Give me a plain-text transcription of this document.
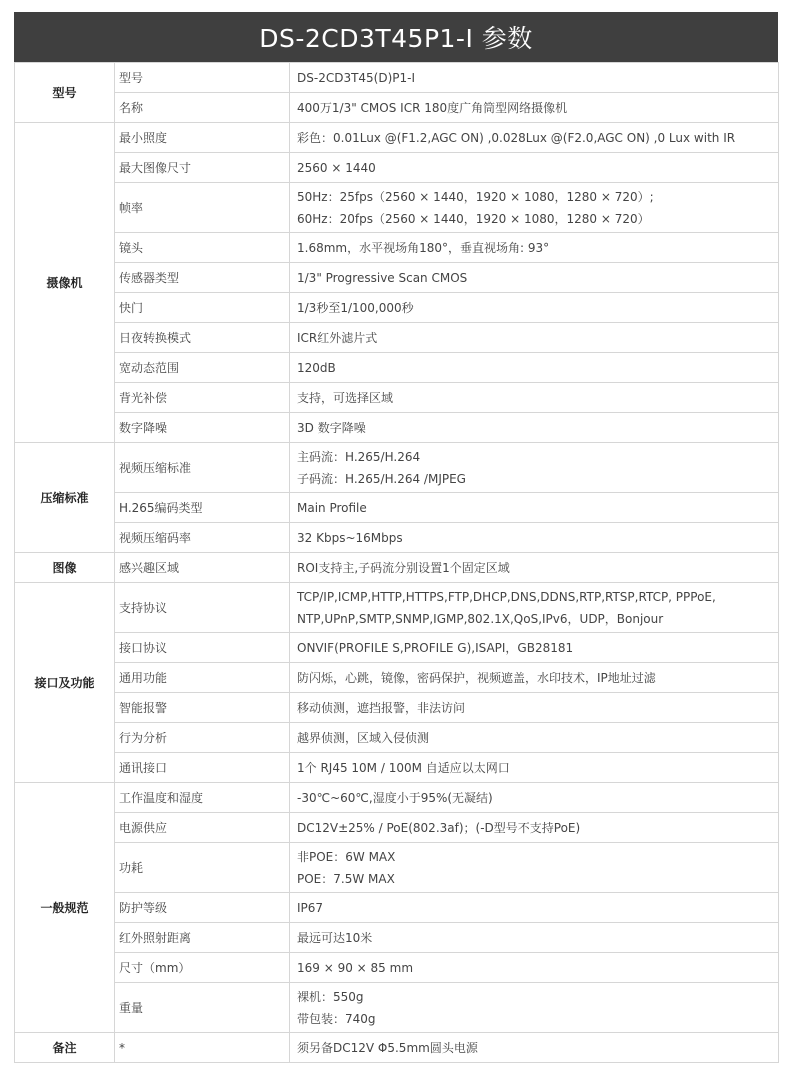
DS-2CD3T45P1-I 参数
型号	型号	DS-2CD3T45(D)P1-I

	名称	400万1/3" CMOS ICR 180度广角筒型网络摄像机

摄像机	最小照度	彩色：0.01Lux @(F1.2,AGC ON) ,0.028Lux @(F2.0,AGC ON) ,0 Lux with IR

	最大图像尺寸	2560 × 1440

	帧率	50Hz：25fps（2560 × 1440，1920 × 1080，1280 × 720）;
60Hz：20fps（2560 × 1440，1920 × 1080，1280 × 720）

	镜头	1.68mm，水平视场角180°，垂直视场角: 93°

	传感器类型	1/3" Progressive Scan CMOS

	快门	1/3秒至1/100,000秒

	日夜转换模式	ICR红外滤片式

	宽动态范围	120dB

	背光补偿	支持，可选择区域

	数字降噪	3D 数字降噪

压缩标准	视频压缩标准	主码流：H.265/H.264
子码流：H.265/H.264 /MJPEG

	H.265编码类型	Main Profile

	视频压缩码率	32 Kbps~16Mbps

图像	感兴趣区域	ROI支持主,子码流分别设置1个固定区域

接口及功能	支持协议	TCP/IP,ICMP,HTTP,HTTPS,FTP,DHCP,DNS,DDNS,RTP,RTSP,RTCP, PPPoE,
NTP,UPnP,SMTP,SNMP,IGMP,802.1X,QoS,IPv6，UDP，Bonjour

	接口协议	ONVIF(PROFILE S,PROFILE G),ISAPI，GB28181

	通用功能	防闪烁，心跳，镜像，密码保护，视频遮盖，水印技术，IP地址过滤

	智能报警	移动侦测，遮挡报警，非法访问

	行为分析	越界侦测，区域入侵侦测

	通讯接口	1个 RJ45 10M / 100M 自适应以太网口

一般规范	工作温度和湿度	-30℃~60℃,湿度小于95%(无凝结)

	电源供应	DC12V±25% / PoE(802.3af)；(-D型号不支持PoE)

	功耗	非POE：6W MAX
POE：7.5W MAX

	防护等级	IP67

	红外照射距离	最远可达10米

	尺寸（mm）	169 × 90 × 85 mm

	重量	裸机：550g
带包装：740g

备注	*	须另备DC12V Φ5.5mm圆头电源
